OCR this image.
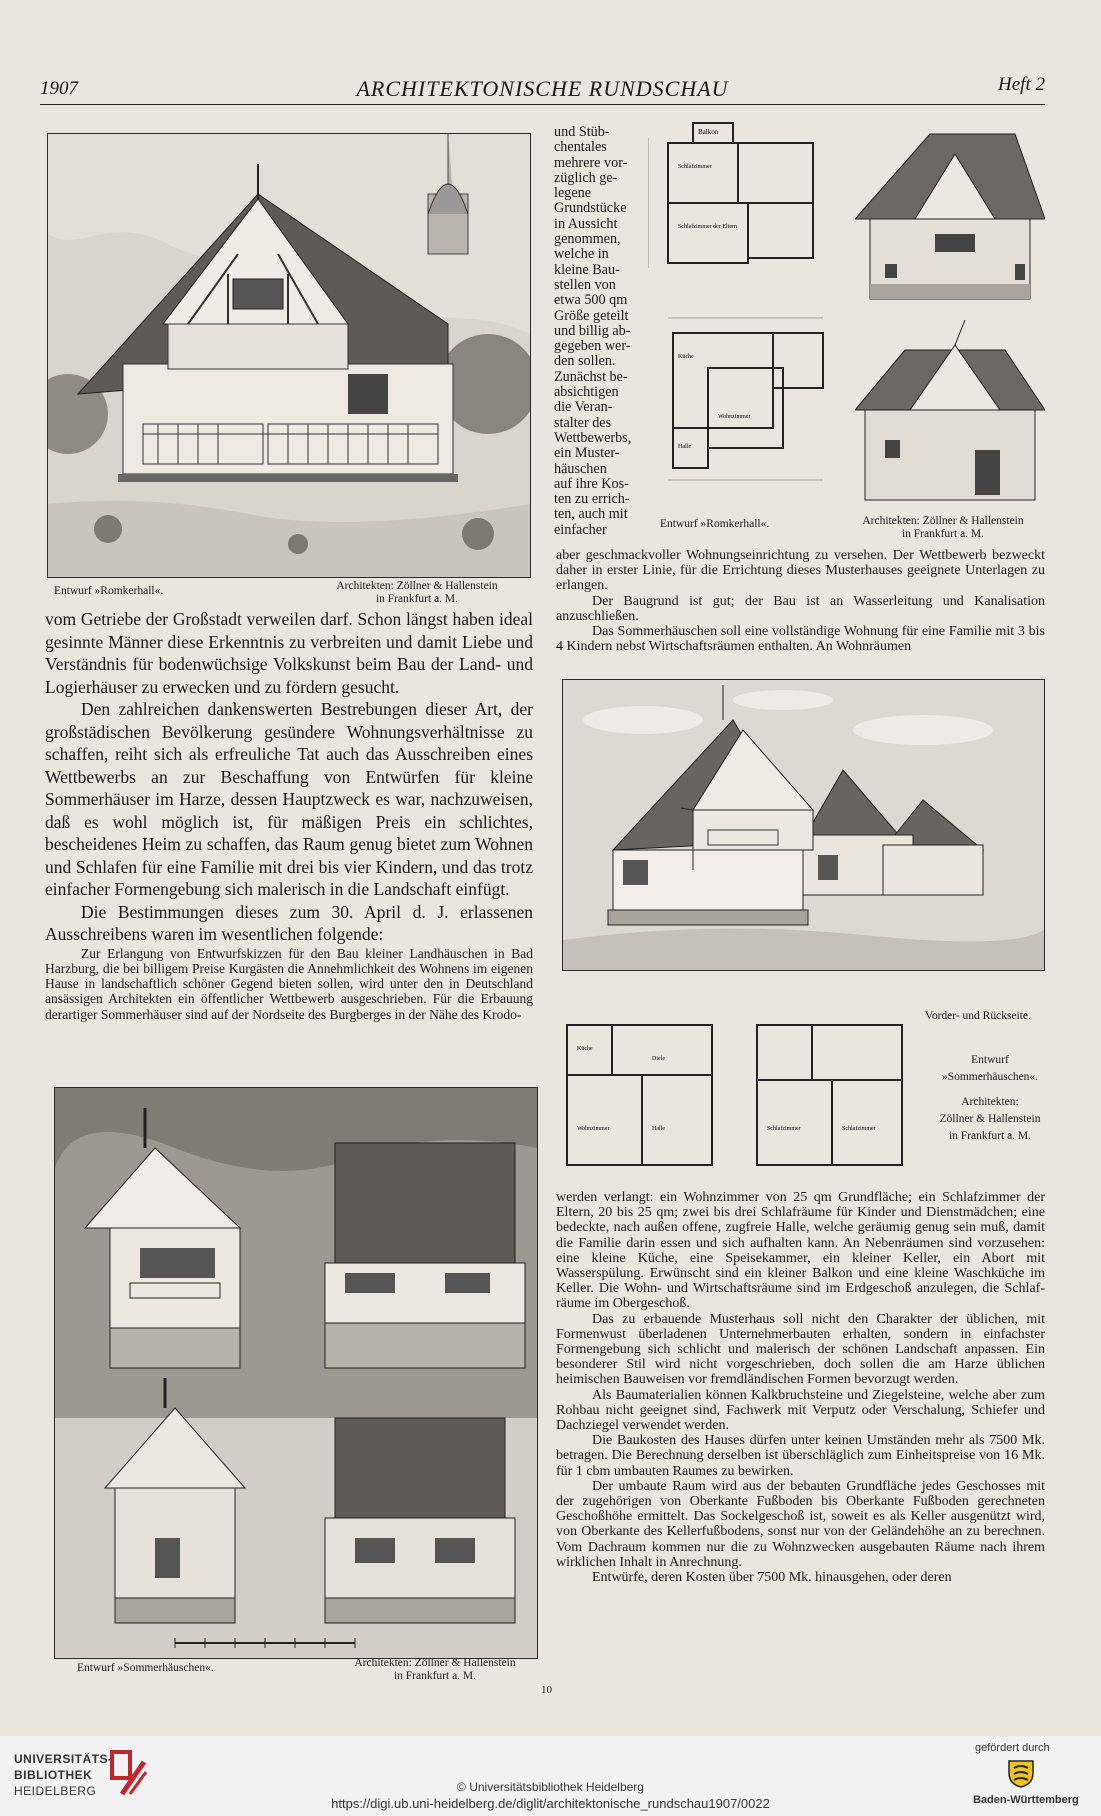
1907	ARCHITEKTONISCHE RUNDSCHAU	Heft 2
Entwurf »Romkerhall«.	Architekten: Zöllner & Hallenstein
in Frankfurt a. M.

und Stüb-
chentales
mehrere vor-
züglich ge-
legene
Grundstücke
in Aussicht
genommen,
welche in
kleine Bau-
stellen von
etwa 500 qm
Größe geteilt
und billig ab-
gegeben wer-
den sollen.
Zunächst be-
absichtigen
die Veran-
stalter des
Wettbewerbs,
ein Muster-
häuschen
auf ihre Kos-
ten zu errich-
ten, auch mit
einfacher

Balkon
Schlafzimmer
Wohnzimmer
Küche
Halle
Schlafzimmer der Eltern
Entwurf »Romkerhall«.	Architekten: Zöllner & Hallenstein
in Frankfurt a. M.

aber geschmackvoller Wohnungseinrichtung zu versehen. Der Wettbewerb bezweckt daher in erster Linie, für die Errichtung dieses Musterhauses geeignete Unterlagen zu erlangen.

Der Baugrund ist gut; der Bau ist an Wasserleitung und Kanalisation anzuschließen.

Das Sommerhäuschen soll eine vollständige Wohnung für eine Familie mit 3 bis 4 Kindern nebst Wirtschaftsräumen enthalten. An Wohnräumen

vom Getriebe der Großstadt verweilen darf. Schon längst haben ideal gesinnte Männer diese Erkenntnis zu verbreiten und damit Liebe und Verständnis für bodenwüchsige Volkskunst beim Bau der Land- und Logierhäuser zu erwecken und zu fördern gesucht.

Den zahlreichen dankenswerten Bestrebungen dieser Art, der großstädischen Bevölkerung gesündere Wohnungsverhältnisse zu schaffen, reiht sich als erfreuliche Tat auch das Ausschreiben eines Wettbewerbs an zur Beschaffung von Entwürfen für kleine Sommerhäuser im Harze, dessen Hauptzweck es war, nachzuweisen, daß es wohl möglich ist, für mäßigen Preis ein schlichtes, bescheidenes Heim zu schaffen, das Raum genug bietet zum Wohnen und Schlafen für eine Familie mit drei bis vier Kindern, und das trotz einfacher Formengebung sich malerisch in die Landschaft einfügt.

Die Bestimmungen dieses zum 30. April d. J. erlassenen Ausschreibens waren im wesentlichen folgende:

Zur Erlangung von Entwurfskizzen für den Bau kleiner Landhäuschen in Bad Harzburg, die bei billigem Preise Kurgästen die Annehmlichkeit des Wohnens im eigenen Hause in landschaftlich schöner Gegend bieten sollen, wird unter den in Deutschland ansässigen Architekten ein öffentlicher Wettbewerb ausgeschrieben. Für die Erbauung derartiger Sommerhäuser sind auf der Nordseite des Burgberges in der Nähe des Krodo-	Vorder- und Rückseite.
Wohnzimmer	Halle
Küche
Diele
Schlafzimmer	Schlafzimmer
Entwurf
»Sommerhäuschen«.
Architekten:
Zöllner & Hallenstein
in Frankfurt a. M.

werden verlangt: ein Wohnzimmer von 25 qm Grundfläche; ein Schlafzimmer der Eltern, 20 bis 25 qm; zwei bis drei Schlafräume für Kinder und Dienstmädchen; eine bedeckte, nach außen offene, zugfreie Halle, welche geräumig genug sein muß, damit die Familie darin essen und sich aufhalten kann. An Nebenräumen sind vorzusehen: eine kleine Küche, eine Speisekammer, ein kleiner Keller, ein Abort mit Wasserspülung. Erwünscht sind ein kleiner Balkon und eine kleine Waschküche im Keller. Die Wohn- und Wirtschaftsräume sind im Erdgeschoß anzulegen, die Schlafräume im Obergeschoß.

Das zu erbauende Musterhaus soll nicht den Charakter der üblichen, mit Formenwust überladenen Unternehmerbauten erhalten, sondern in einfachster Formengebung sich schlicht und malerisch der schönen Landschaft anpassen. Ein besonderer Stil wird nicht vorgeschrieben, doch sollen die am Harze üblichen heimischen Bauweisen vor fremdländischen Formen bevorzugt werden.

Als Baumaterialien können Kalkbruchsteine und Ziegelsteine, welche aber zum Rohbau nicht geeignet sind, Fachwerk mit Verputz oder Verschalung, Schiefer und Dachziegel verwendet werden.

Die Baukosten des Hauses dürfen unter keinen Umständen mehr als 7500 Mk. betragen. Die Berechnung derselben ist überschläglich zum Einheitspreise von 16 Mk. für 1 cbm umbauten Raumes zu bewirken.

Der umbaute Raum wird aus der bebauten Grundfläche jedes Geschosses mit der zugehörigen von Oberkante Fußboden bis Oberkante Fußboden gerechneten Geschoßhöhe ermittelt. Das Sockelgeschoß ist, soweit es als Keller ausgenützt wird, von Oberkante des Kellerfußbodens, sonst nur von der Geländehöhe an zu berechnen. Vom Dachraum kommen nur die zu Wohnzwecken ausgebauten Räume nach ihrem wirklichen Inhalt in Anrechnung.

Entwürfe, deren Kosten über 7500 Mk. hinausgehen, oder deren

Entwurf »Sommerhäuschen«.	Architekten: Zöllner & Hallenstein
in Frankfurt a. M.
10
UNIVERSITÄTS-
BIBLIOTHEK
HEIDELBERG	© Universitätsbibliothek Heidelberg
https://digi.ub.uni-heidelberg.de/diglit/architektonische_rundschau1907/0022
gefördert durch
Baden-Württemberg
